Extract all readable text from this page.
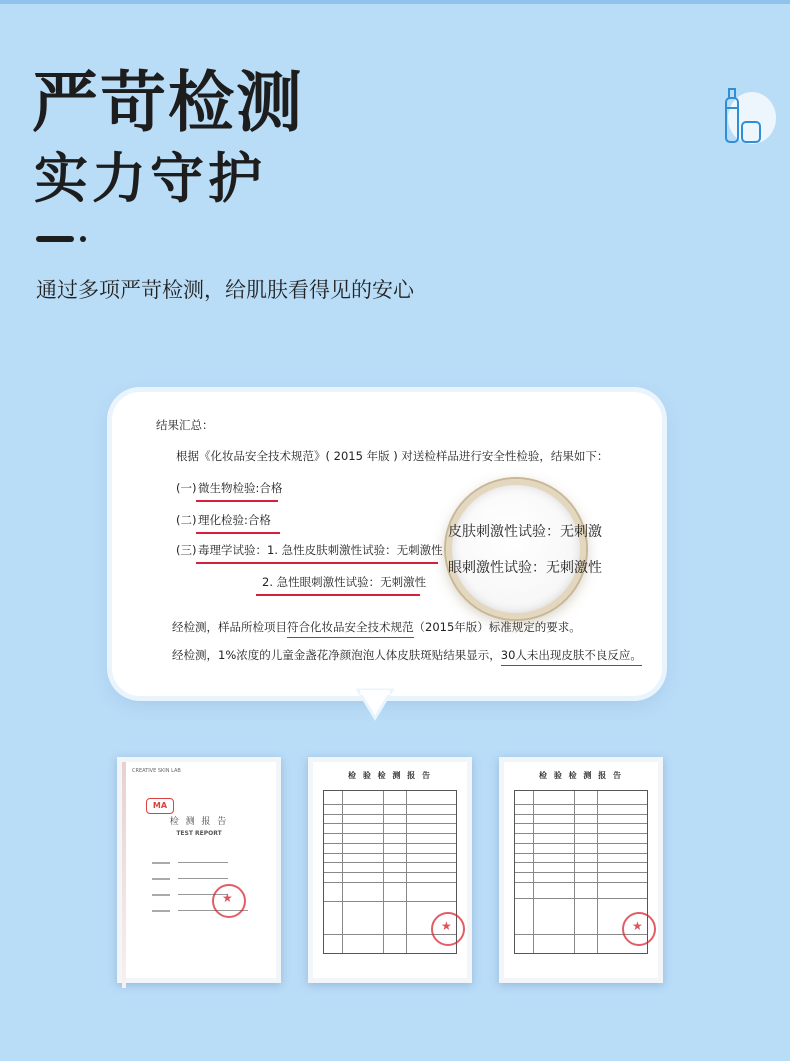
严苛检测
实力守护
通过多项严苛检测，给肌肤看得见的安心
结果汇总：
根据《化妆品安全技术规范》( 2015 年版 ) 对送检样品进行安全性检验，结果如下：
(一) 微生物检验:合格
(二) 理化检验:合格
(三) 毒理学试验：1. 急性皮肤刺激性试验：无刺激性
2. 急性眼刺激性试验：无刺激性
经检测，样品所检项目符合化妆品安全技术规范（2015年版）标准规定的要求。
经检测，1%浓度的儿童金盏花净颜泡泡人体皮肤斑贴结果显示，30人未出现皮肤不良反应。
皮肤刺激性试验：无刺激
眼刺激性试验：无刺激性
CREATIVE SKIN LAB
MA
检 测 报 告
TEST REPORT
★
检 验 检 测 报 告
★	检 验 检 测 报 告
★
